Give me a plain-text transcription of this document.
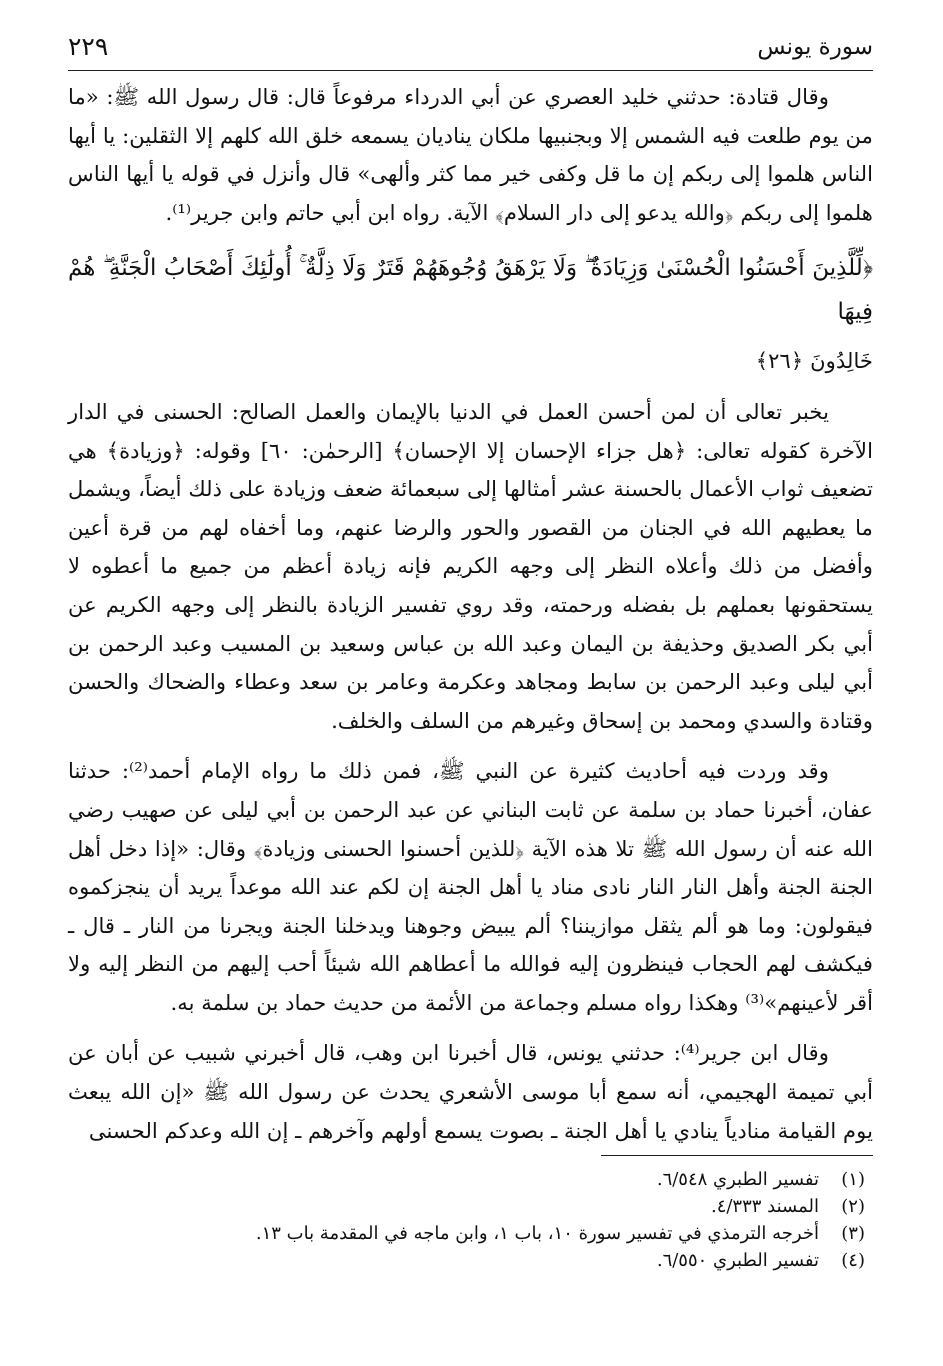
سورة يونس
٢٢٩

وقال قتادة: حدثني خليد العصري عن أبي الدرداء مرفوعاً قال: قال رسول الله ﷺ: «ما من يوم طلعت فيه الشمس إلا وبجنبيها ملكان يناديان يسمعه خلق الله كلهم إلا الثقلين: يا أيها الناس هلموا إلى ربكم إن ما قل وكفى خير مما كثر وألهى» قال وأنزل في قوله يا أيها الناس هلموا إلى ربكم ﴿والله يدعو إلى دار السلام﴾ الآية. رواه ابن أبي حاتم وابن جرير⁽¹⁾.

﴿لِّلَّذِينَ أَحْسَنُوا الْحُسْنَىٰ وَزِيَادَةٌ ۖ وَلَا يَرْهَقُ وُجُوهَهُمْ قَتَرٌ وَلَا ذِلَّةٌ ۚ أُولَٰئِكَ أَصْحَابُ الْجَنَّةِ ۖ هُمْ فِيهَا

خَالِدُونَ ﴿٢٦﴾

يخبر تعالى أن لمن أحسن العمل في الدنيا بالإيمان والعمل الصالح: الحسنى في الدار الآخرة كقوله تعالى: ﴿هل جزاء الإحسان إلا الإحسان﴾ [الرحمٰن: ٦٠] وقوله: ﴿وزيادة﴾ هي تضعيف ثواب الأعمال بالحسنة عشر أمثالها إلى سبعمائة ضعف وزيادة على ذلك أيضاً، ويشمل ما يعطيهم الله في الجنان من القصور والحور والرضا عنهم، وما أخفاه لهم من قرة أعين وأفضل من ذلك وأعلاه النظر إلى وجهه الكريم فإنه زيادة أعظم من جميع ما أعطوه لا يستحقونها بعملهم بل بفضله ورحمته، وقد روي تفسير الزيادة بالنظر إلى وجهه الكريم عن أبي بكر الصديق وحذيفة بن اليمان وعبد الله بن عباس وسعيد بن المسيب وعبد الرحمن بن أبي ليلى وعبد الرحمن بن سابط ومجاهد وعكرمة وعامر بن سعد وعطاء والضحاك والحسن وقتادة والسدي ومحمد بن إسحاق وغيرهم من السلف والخلف.

وقد وردت فيه أحاديث كثيرة عن النبي ﷺ، فمن ذلك ما رواه الإمام أحمد⁽²⁾: حدثنا عفان، أخبرنا حماد بن سلمة عن ثابت البناني عن عبد الرحمن بن أبي ليلى عن صهيب رضي الله عنه أن رسول الله ﷺ تلا هذه الآية ﴿للذين أحسنوا الحسنى وزيادة﴾ وقال: «إذا دخل أهل الجنة الجنة وأهل النار النار نادى مناد يا أهل الجنة إن لكم عند الله موعداً يريد أن ينجزكموه فيقولون: وما هو ألم يثقل موازيننا؟ ألم يبيض وجوهنا ويدخلنا الجنة ويجرنا من النار ـ قال ـ فيكشف لهم الحجاب فينظرون إليه فوالله ما أعطاهم الله شيئاً أحب إليهم من النظر إليه ولا أقر لأعينهم»⁽³⁾ وهكذا رواه مسلم وجماعة من الأئمة من حديث حماد بن سلمة به.

وقال ابن جرير⁽⁴⁾: حدثني يونس، قال أخبرنا ابن وهب، قال أخبرني شبيب عن أبان عن أبي تميمة الهجيمي، أنه سمع أبا موسى الأشعري يحدث عن رسول الله ﷺ «إن الله يبعث يوم القيامة منادياً ينادي يا أهل الجنة ـ بصوت يسمع أولهم وآخرهم ـ إن الله وعدكم الحسنى

(١)
تفسير الطبري ٦/٥٤٨.
(٢)
المسند ٤/٣٣٣.
(٣)
أخرجه الترمذي في تفسير سورة ١٠، باب ١، وابن ماجه في المقدمة باب ١٣.
(٤)
تفسير الطبري ٦/٥٥٠.
